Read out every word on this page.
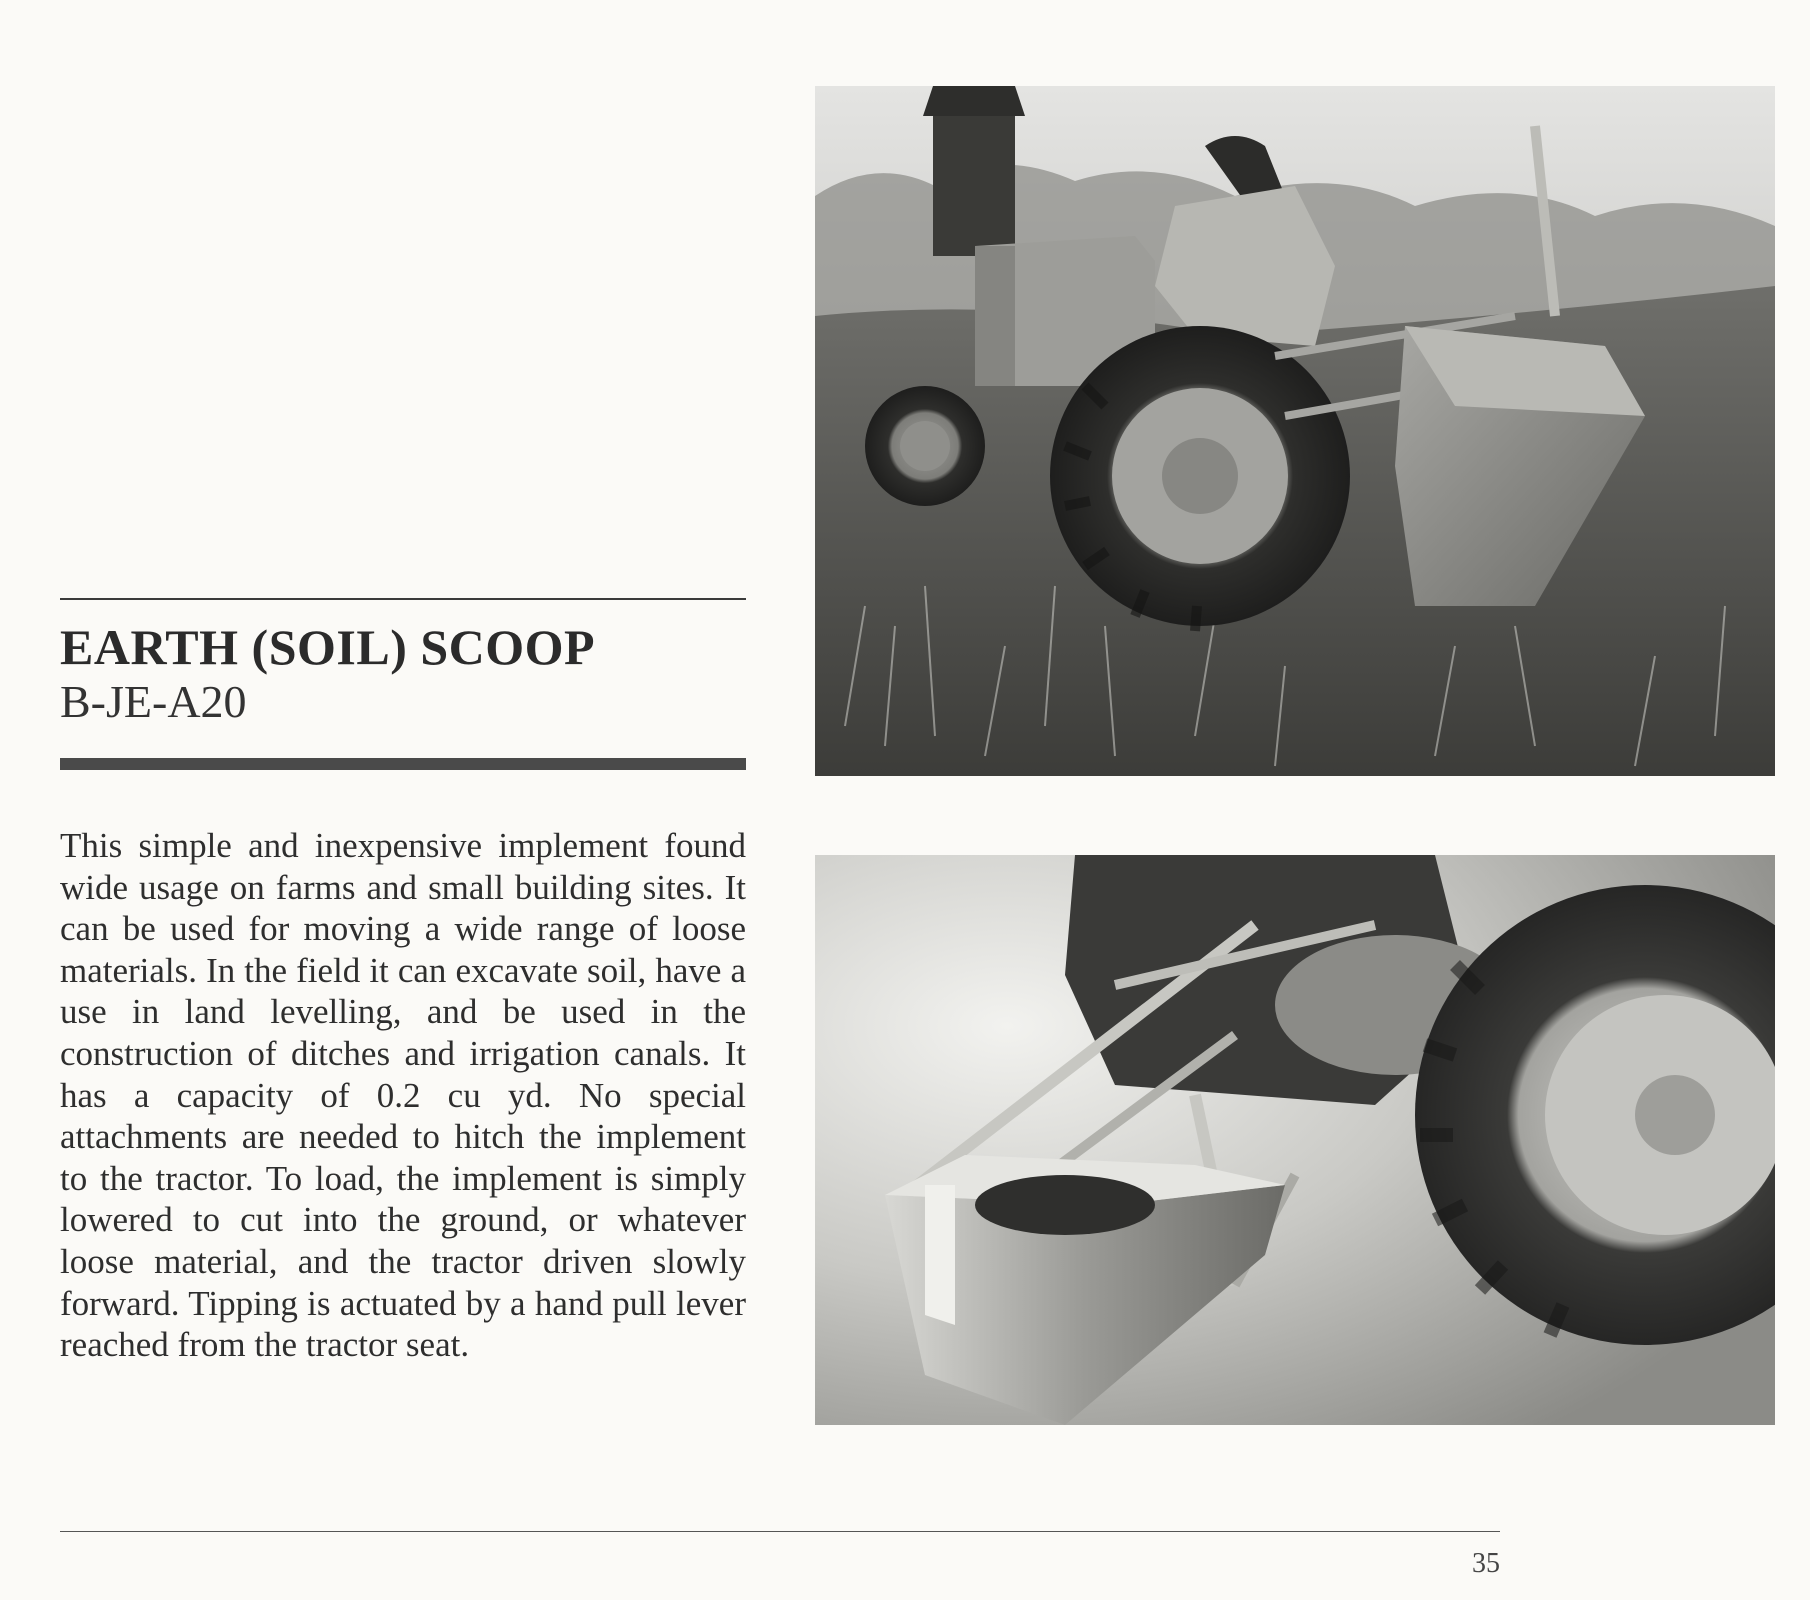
EARTH (SOIL) SCOOP
B-JE-A20

This simple and inexpensive implement found wide usage on farms and small building sites. It can be used for moving a wide range of loose materials. In the field it can excavate soil, have a use in land levelling, and be used in the construction of ditches and irrigation canals. It has a capacity of 0.2 cu yd. No special attachments are needed to hitch the implement to the tractor. To load, the implement is simply lowered to cut into the ground, or whatever loose material, and the tractor driven slowly forward. Tipping is actuated by a hand pull lever reached from the tractor seat.

35
